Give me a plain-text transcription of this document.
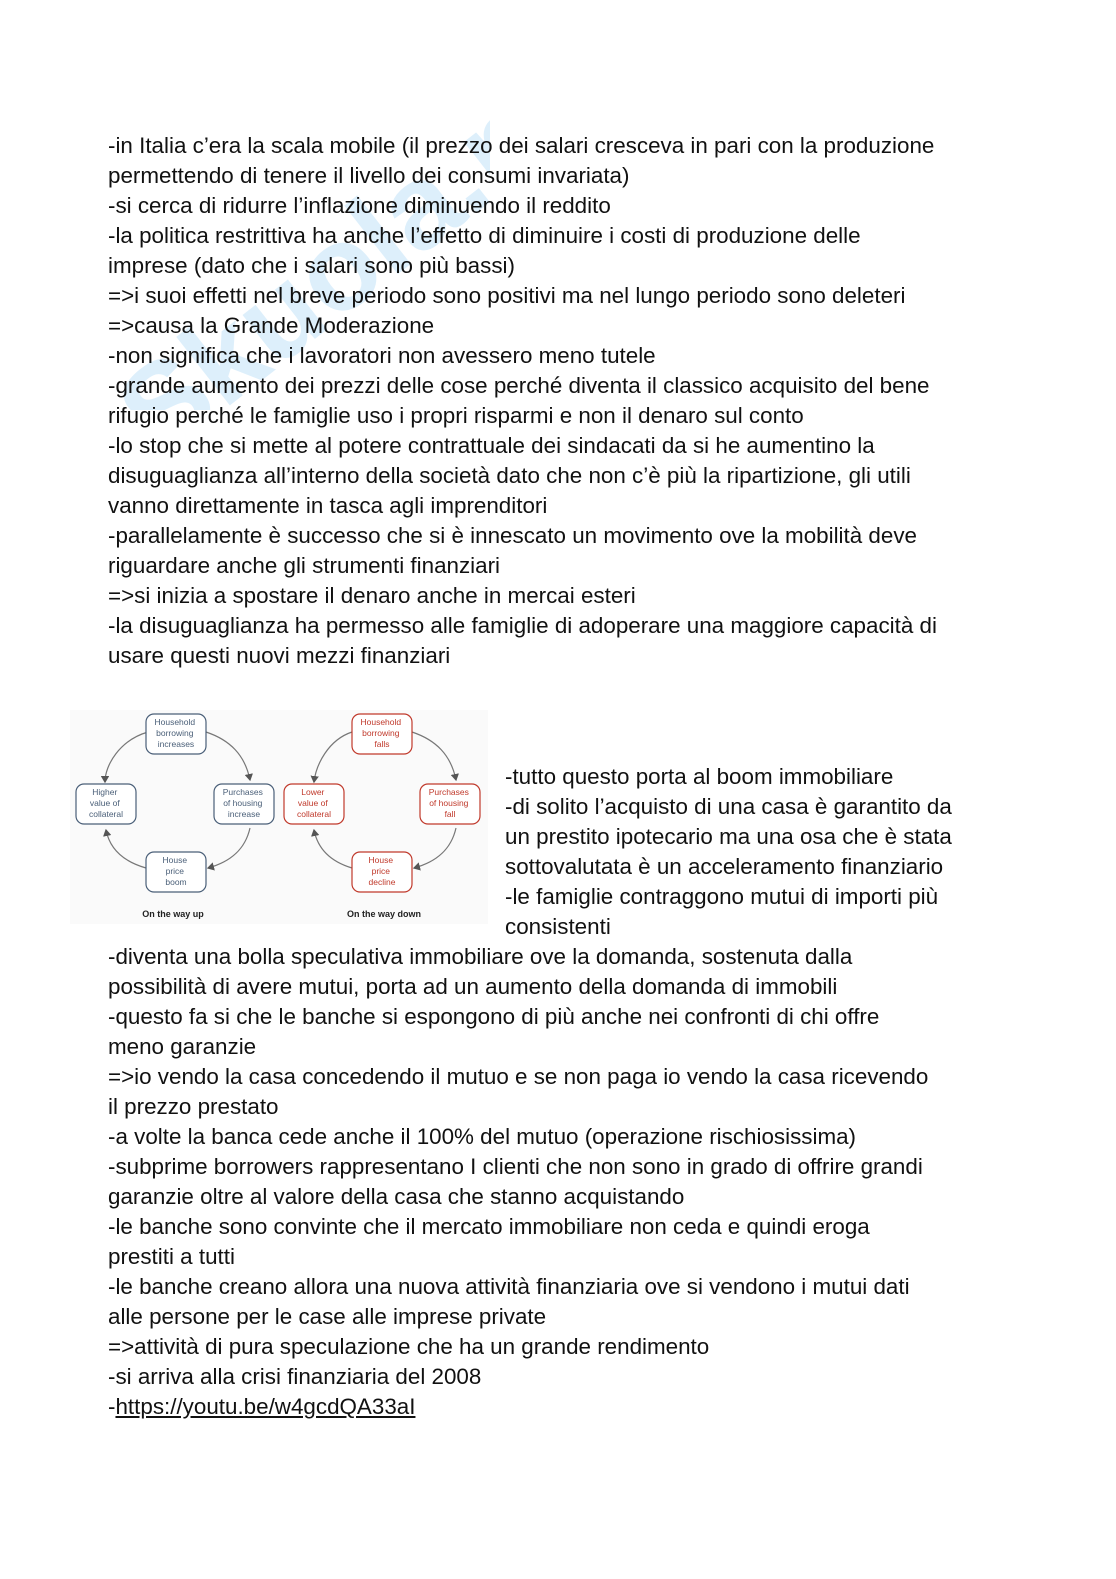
Skuola.net
-in Italia c’era la scala mobile (il prezzo dei salari cresceva in pari con la produzione
permettendo di tenere il livello dei consumi invariata)
-si cerca di ridurre l’inflazione diminuendo il reddito
-la politica restrittiva ha anche l’effetto di diminuire i costi di produzione delle
imprese (dato che i salari sono più bassi)
=>i suoi effetti nel breve periodo sono positivi ma nel lungo periodo sono deleteri
=>causa la Grande Moderazione
-non significa che i lavoratori non avessero meno tutele
-grande aumento dei prezzi delle cose perché diventa il classico acquisito del bene
rifugio perché le famiglie uso i propri risparmi e non il denaro sul conto
-lo stop che si mette al potere contrattuale dei sindacati da si he aumentino la
disuguaglianza all’interno della società dato che non c’è più la ripartizione, gli utili
vanno direttamente in tasca agli imprenditori
-parallelamente è successo che si è innescato un movimento ove la mobilità deve
riguardare anche gli strumenti finanziari
=>si inizia a spostare il denaro anche in mercai esteri
-la disuguaglianza ha permesso alle famiglie di adoperare una maggiore capacità di
usare questi nuovi mezzi finanziari
Household borrowing increases
Purchases of housing increase
House price boom
Higher value of collateral
On the way up
Household borrowing falls
Purchases of housing fall
House price decline
Lower value of collateral
On the way down
-tutto questo porta al boom immobiliare
-di solito l’acquisto di una casa è garantito da
un prestito ipotecario ma una osa che è stata
sottovalutata è un acceleramento finanziario
-le famiglie contraggono mutui di importi più
consistenti
-diventa una bolla speculativa immobiliare ove la domanda, sostenuta dalla
possibilità di avere mutui, porta ad un aumento della domanda di immobili
-questo fa si che le banche si espongono di più anche nei confronti di chi offre
meno garanzie
=>io vendo la casa concedendo il mutuo e se non paga io vendo la casa ricevendo
il prezzo prestato
-a volte la banca cede anche il 100% del mutuo (operazione rischiosissima)
-subprime borrowers rappresentano I clienti che non sono in grado di offrire grandi
garanzie oltre al valore della casa che stanno acquistando
-le banche sono convinte che il mercato immobiliare non ceda e quindi eroga
prestiti a tutti
-le banche creano allora una nuova attività finanziaria ove si vendono i mutui dati
alle persone per le case alle imprese private
=>attività di pura speculazione che ha un grande rendimento
-si arriva alla crisi finanziaria del 2008
-https://youtu.be/w4gcdQA33aI
